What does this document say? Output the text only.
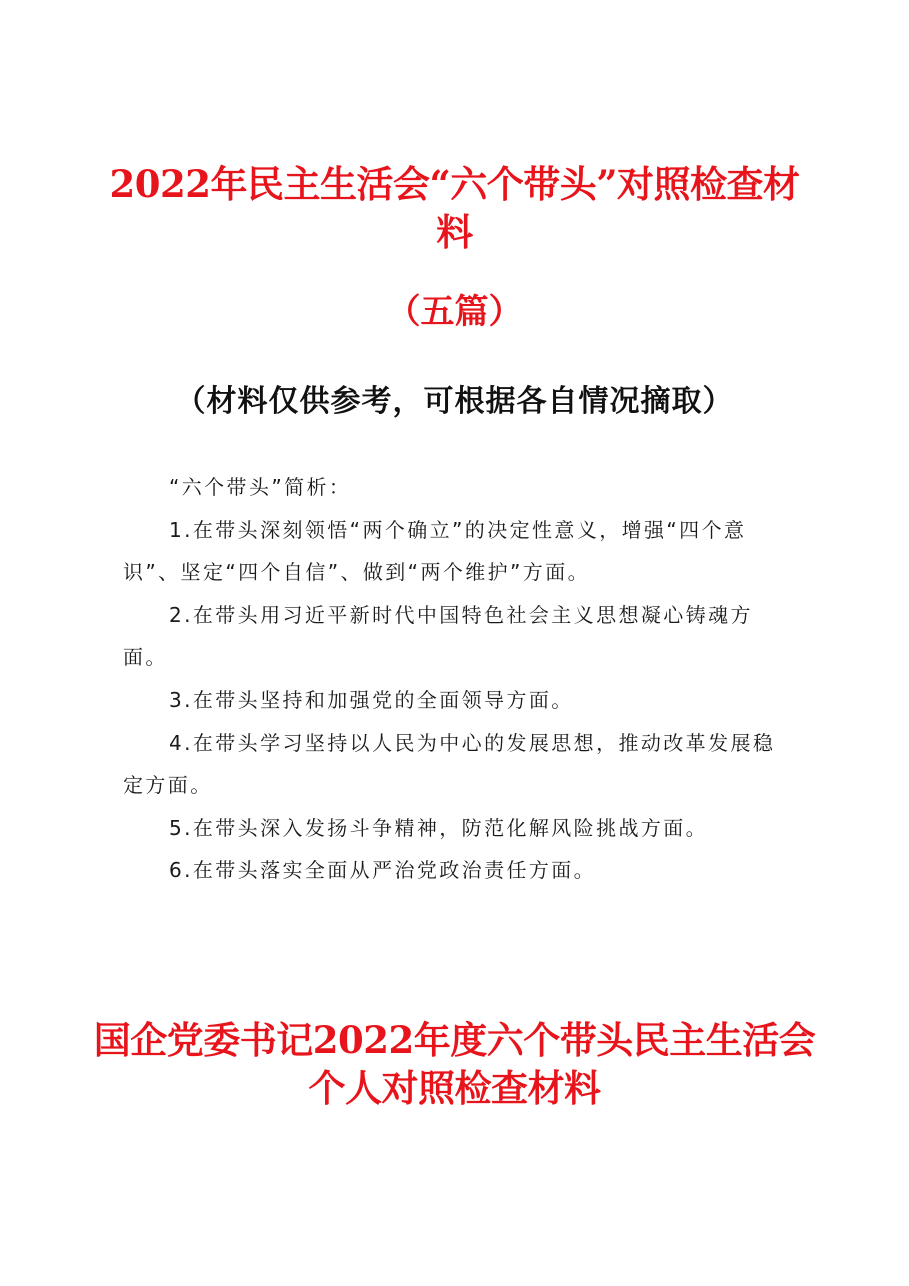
2022年民主生活会“六个带头”对照检查材料
（五篇）
（材料仅供参考，可根据各自情况摘取）

“六个带头”简析：

1.在带头深刻领悟“两个确立”的决定性意义，增强“四个意识”、坚定“四个自信”、做到“两个维护”方面。

2.在带头用习近平新时代中国特色社会主义思想凝心铸魂方面。

3.在带头坚持和加强党的全面领导方面。

4.在带头学习坚持以人民为中心的发展思想，推动改革发展稳定方面。

5.在带头深入发扬斗争精神，防范化解风险挑战方面。

6.在带头落实全面从严治党政治责任方面。

国企党委书记2022年度六个带头民主生活会个人对照检查材料
